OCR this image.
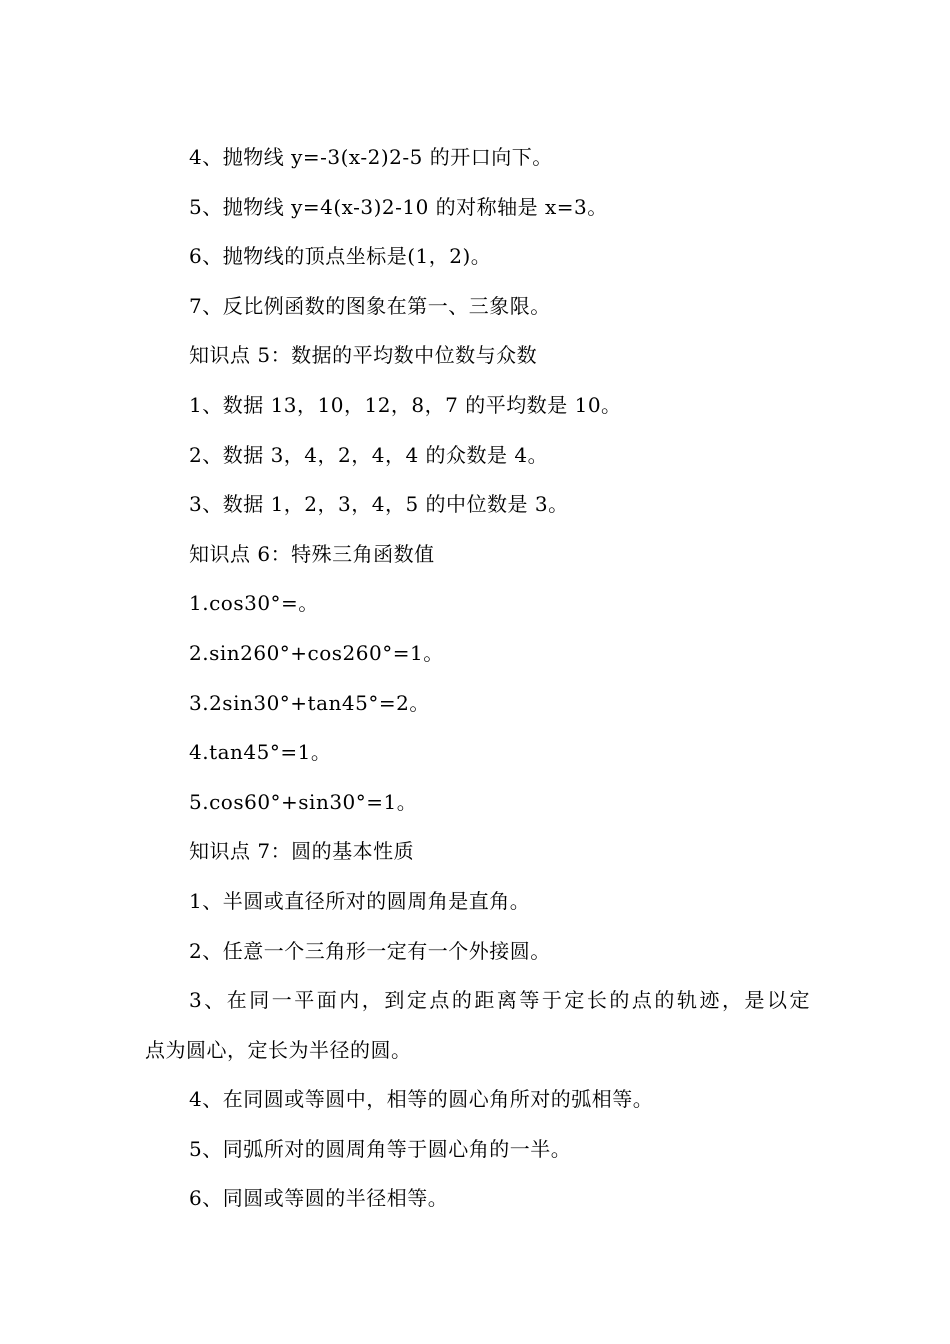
4、抛物线 y=-3(x-2)2-5 的开口向下。
5、抛物线 y=4(x-3)2-10 的对称轴是 x=3。
6、抛物线的顶点坐标是(1，2)。
7、反比例函数的图象在第一、三象限。
知识点 5：数据的平均数中位数与众数
1、数据 13，10，12，8，7 的平均数是 10。
2、数据 3，4，2，4，4 的众数是 4。
3、数据 1，2，3，4，5 的中位数是 3。
知识点 6：特殊三角函数值
1.cos30°=。
2.sin260°+cos260°=1。
3.2sin30°+tan45°=2。
4.tan45°=1。
5.cos60°+sin30°=1。
知识点 7：圆的基本性质
1、半圆或直径所对的圆周角是直角。
2、任意一个三角形一定有一个外接圆。
3、在同一平面内，到定点的距离等于定长的点的轨迹，是以定
点为圆心，定长为半径的圆。
4、在同圆或等圆中，相等的圆心角所对的弧相等。
5、同弧所对的圆周角等于圆心角的一半。
6、同圆或等圆的半径相等。
